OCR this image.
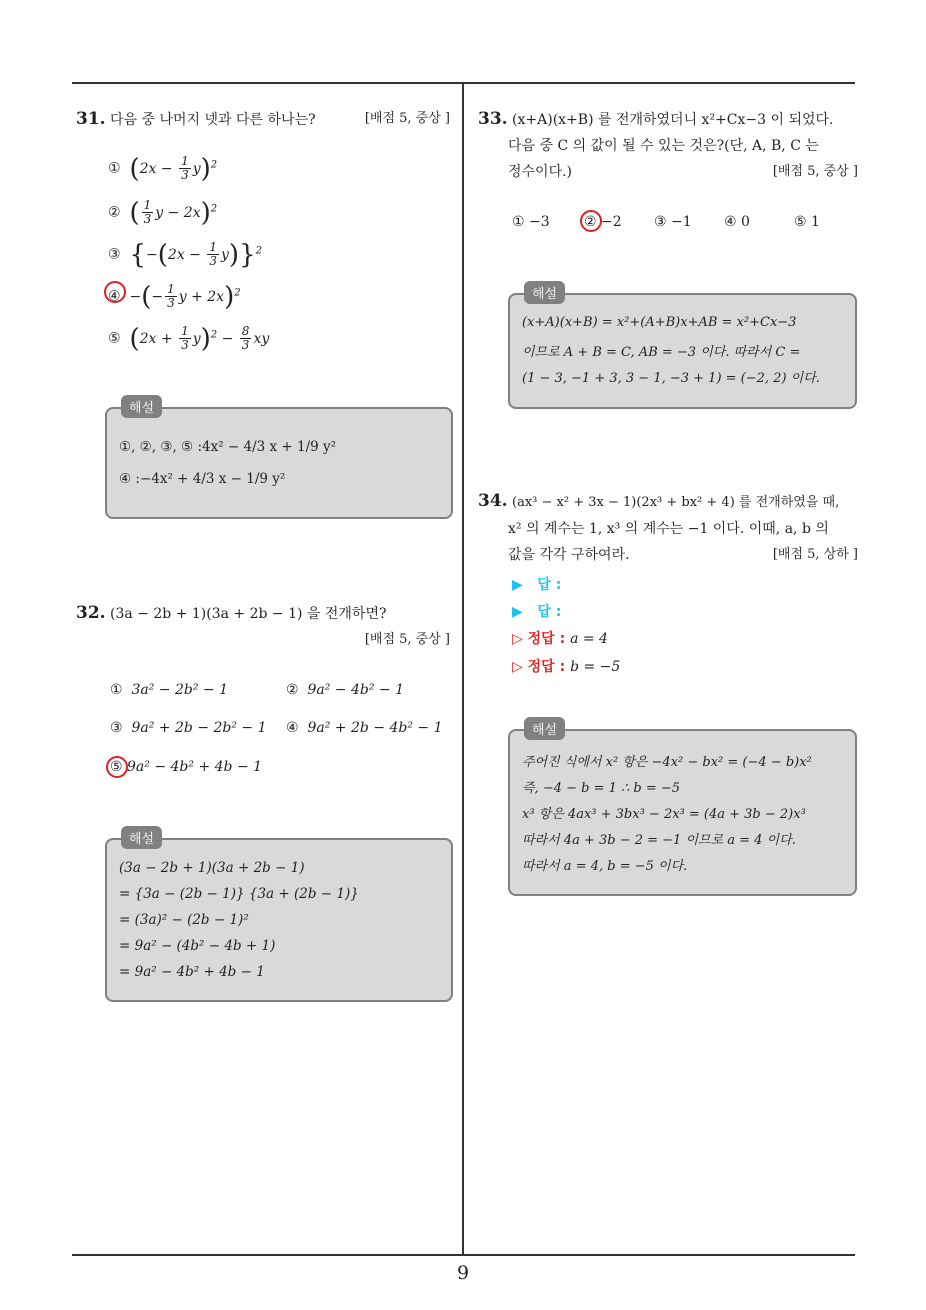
31. 다음 중 나머지 넷과 다른 하나는?	[배점 5, 중상 ]
① $(2x - \frac{1}{3} y)^2$
② ( $\frac{1}{3}$ y − 2x)$^2$
③ $\{-(2x - \frac{1}{3} y)\}^2$
④ −(− $\frac{1}{3}$ y + 2x)$^2$
⑤ $(2x + \frac{1}{3} y)^2 - \frac{8}{3}$ xy
해설
①, ②, ③, ⑤ :4x² − 4/3 x + 1/9 y²
④ :−4x² + 4/3 x − 1/9 y²
32. (3a − 2b + 1)(3a + 2b − 1) 을 전개하면?
[배점 5, 중상 ]
① 3a² − 2b² − 1	② 9a² − 4b² − 1
③ 9a² + 2b − 2b² − 1 ④ 9a² + 2b − 4b² − 1
⑤ 9a² − 4b² + 4b − 1
해설
(3a − 2b + 1)(3a + 2b − 1)
= {3a − (2b − 1)} {3a + (2b − 1)}
= (3a)² − (2b − 1)²
= 9a² − (4b² − 4b + 1)
= 9a² − 4b² + 4b − 1
33. (x+A)(x+B) 를 전개하였더니 x²+Cx−3 이 되었다.
다음 중 C 의 값이 될 수 있는 것은?(단, A, B, C 는
정수이다.)	[배점 5, 중상 ]
① −3 ② −2 ③ −1 ④ 0	⑤ 1
해설
(x+A)(x+B) = x²+(A+B)x+AB = x²+Cx−3
이므로 A + B = C, AB = −3 이다. 따라서 C =
(1 − 3, −1 + 3, 3 − 1, −3 + 1) = (−2, 2) 이다.
34. (ax³ − x² + 3x − 1)(2x³ + bx² + 4) 를 전개하였을 때,
x² 의 계수는 1, x³ 의 계수는 −1 이다. 이때, a, b 의
값을 각각 구하여라.	[배점 5, 상하 ]
▶ 답 :
▶ 답 :
▷ 정답 : a = 4
▷ 정답 : b = −5
해설
주어진 식에서 x² 항은 −4x² − bx² = (−4 − b)x²
즉, −4 − b = 1 ∴ b = −5
x³ 항은 4ax³ + 3bx³ − 2x³ = (4a + 3b − 2)x³
따라서 4a + 3b − 2 = −1 이므로 a = 4 이다.
따라서 a = 4, b = −5 이다.
9
